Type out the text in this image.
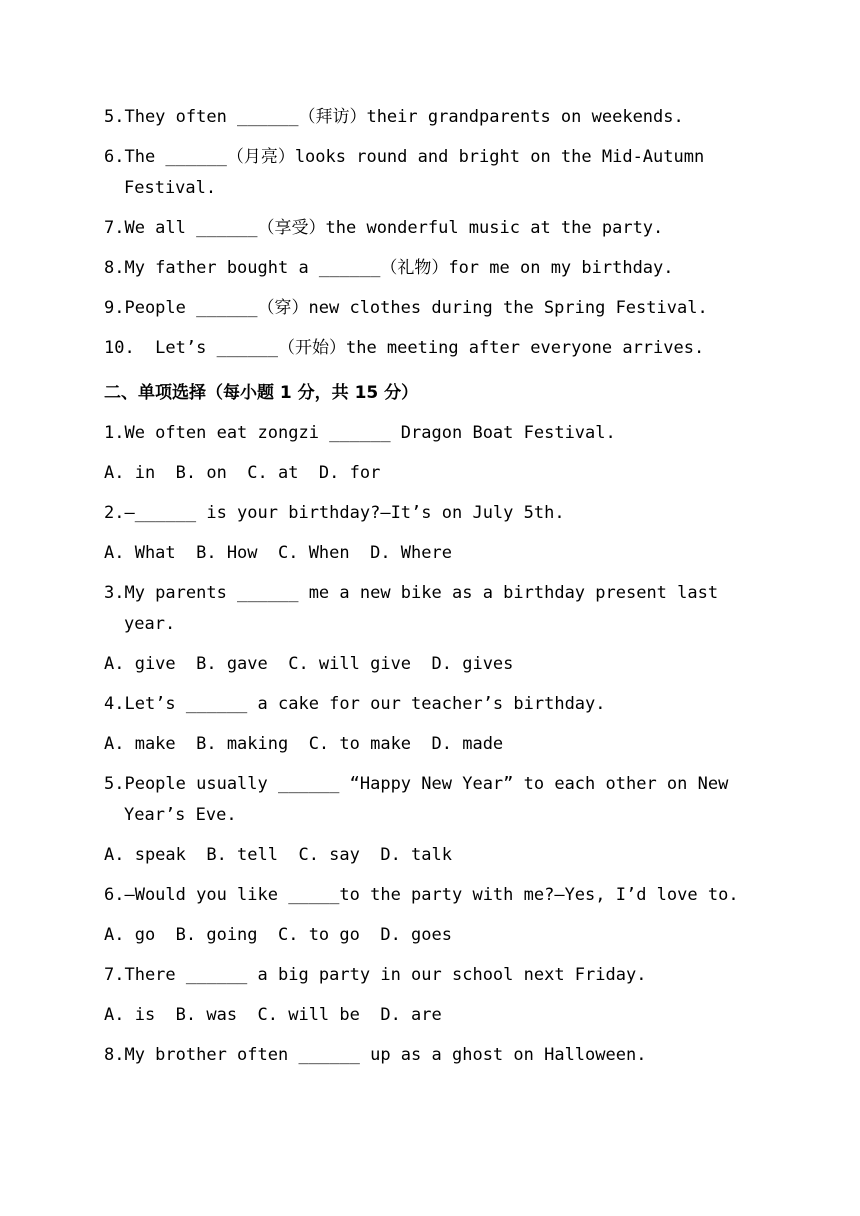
5.They often ______（拜访）their grandparents on weekends.
6.The ______（月亮）looks round and bright on the Mid-Autumn
Festival.
7.We all ______（享受）the wonderful music at the party.
8.My father bought a ______（礼物）for me on my birthday.
9.People ______（穿）new clothes during the Spring Festival.
10.  Let’s ______（开始）the meeting after everyone arrives.
二、单项选择（每小题 1 分，共 15 分）
1.We often eat zongzi ______ Dragon Boat Festival.
A. in  B. on  C. at  D. for
2.—______ is your birthday?—It’s on July 5th.
A. What  B. How  C. When  D. Where
3.My parents ______ me a new bike as a birthday present last
year.
A. give  B. gave  C. will give  D. gives
4.Let’s ______ a cake for our teacher’s birthday.
A. make  B. making  C. to make  D. made
5.People usually ______ “Happy New Year” to each other on New
Year’s Eve.
A. speak  B. tell  C. say  D. talk
6.—Would you like _____to the party with me?—Yes, I’d love to.
A. go  B. going  C. to go  D. goes
7.There ______ a big party in our school next Friday.
A. is  B. was  C. will be  D. are
8.My brother often ______ up as a ghost on Halloween.
